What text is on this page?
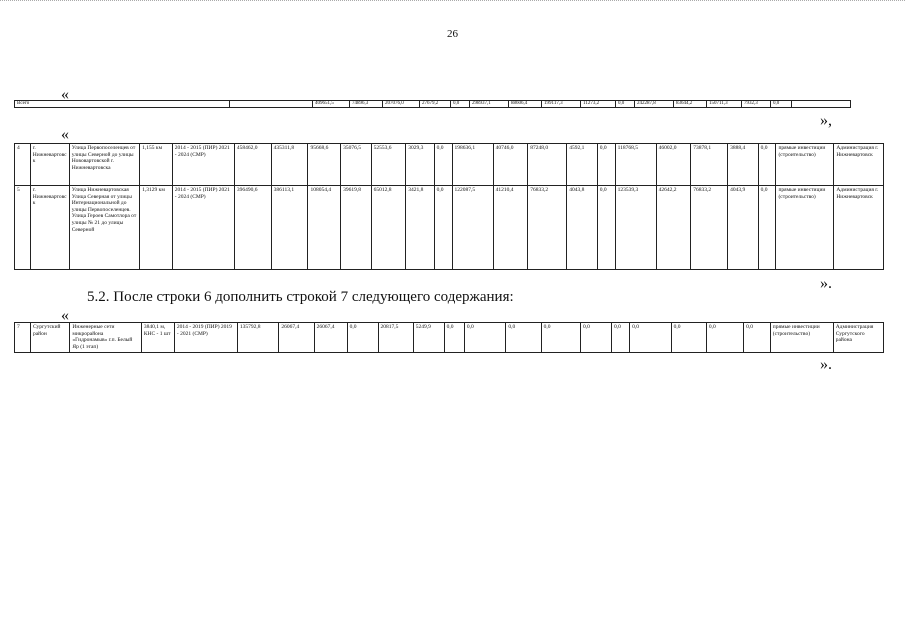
26
«
Всего		409651,5	74896,3	207076,0	27679,2	0,0	298937,1	88606,4	199117,3	11273,2	0,0	242287,8	83644,2	150711,3	7932,3	0,0	
»,
«
4	г. Нижневартовск	Улица Первопоселенцев от улицы Северной до улицы Нововартовской г. Нижневартовска	1,155 км	2014 - 2015 (ПИР) 2021 - 2024 (СМР)	458462,0	435311,8	95668,6	35076,5	52553,6	3029,3	0,0	198636,1	40746,0	87248,0	4592,1	0,0	118768,5	46002,0	73878,1	3888,4	0,0	прямые инвестиции (строительство)	Администрация г. Нижневартовск
5	г. Нижневартовск	Улица Нижневартовская Улица Северная от улицы Интернациональной до улицы Первопоселенцев. Улица Героев Самотлора от улицы № 21 до улицы Северной	1,3129 км	2014 - 2015 (ПИР) 2021 - 2024 (СМР)	396490,6	386113,1	108054,4	39619,8	65012,8	3421,8	0,0	122087,5	41210,4	76833,2	4043,8	0,0	123539,3	42642,2	76833,2	4043,9	0,0	прямые инвестиции (строительство)	Администрация г. Нижневартовск
».
5.2. После строки 6 дополнить строкой 7 следующего содержания:
«
7	Сургутский район	Инженерные сети микрорайона «Гидронамыв» г.п. Белый Яр (1 этап)	3840,1 м, КНС - 1 шт	2014 - 2019 (ПИР) 2019 - 2021 (СМР)	135792,8	26067,4	26067,4	0,0	20817,5	5249,9	0,0	0,0	0,0	0,0	0,0	0,0	0,0	0,0	0,0	0,0	прямые инвестиции (строительство)	Администрация Сургутского района
».
